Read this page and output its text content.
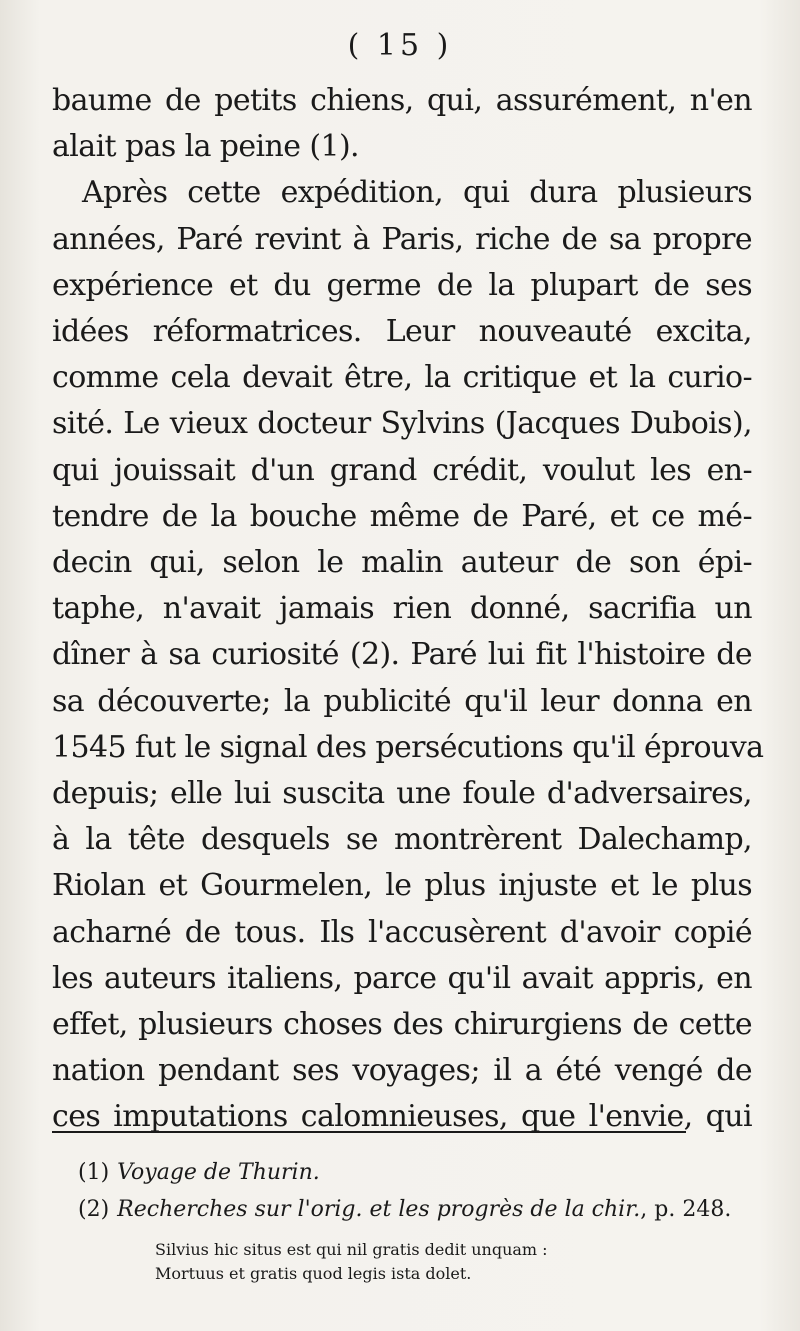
( 15 )
baume de petits chiens, qui, assurément, n'en
alait pas la peine (1).
Après cette expédition, qui dura plusieurs
années, Paré revint à Paris, riche de sa propre
expérience et du germe de la plupart de ses
idées réformatrices. Leur nouveauté excita,
comme cela devait être, la critique et la curio-
sité. Le vieux docteur Sylvins (Jacques Dubois),
qui jouissait d'un grand crédit, voulut les en-
tendre de la bouche même de Paré, et ce mé-
decin qui, selon le malin auteur de son épi-
taphe, n'avait jamais rien donné, sacrifia un
dîner à sa curiosité (2). Paré lui fit l'histoire de
sa découverte; la publicité qu'il leur donna en
1545 fut le signal des persécutions qu'il éprouva
depuis; elle lui suscita une foule d'adversaires,
à la tête desquels se montrèrent Dalechamp,
Riolan et Gourmelen, le plus injuste et le plus
acharné de tous. Ils l'accusèrent d'avoir copié
les auteurs italiens, parce qu'il avait appris, en
effet, plusieurs choses des chirurgiens de cette
nation pendant ses voyages; il a été vengé de
ces imputations calomnieuses, que l'envie, qui
(1) Voyage de Thurin.
(2) Recherches sur l'orig. et les progrès de la chir., p. 248.
Silvius hic situs est qui nil gratis dedit unquam :
Mortuus et gratis quod legis ista dolet.
